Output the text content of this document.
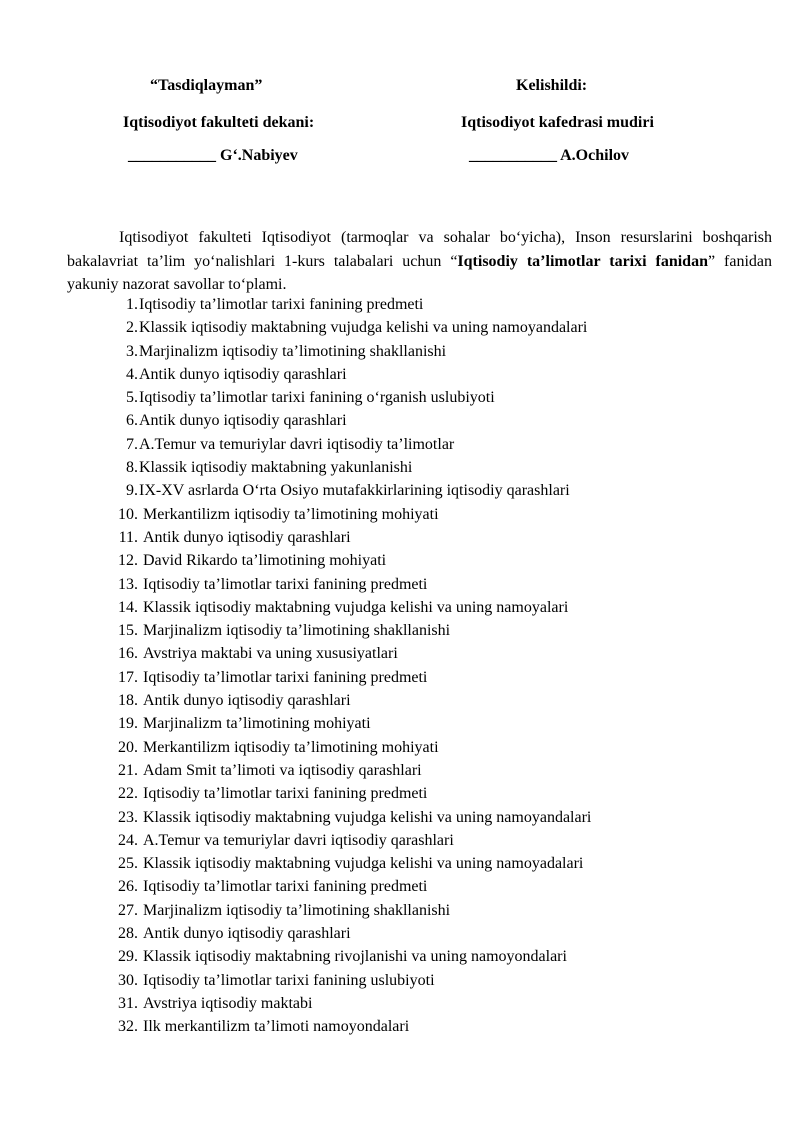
“Tasdiqlayman”
Iqtisodiyot fakulteti dekani:
___________ G‘.Nabiyev
Kelishildi:
Iqtisodiyot kafedrasi mudiri
___________ A.Ochilov

Iqtisodiyot fakulteti Iqtisodiyot (tarmoqlar va sohalar bo‘yicha), Inson resurslarini boshqarish bakalavriat ta’lim yo‘nalishlari 1-kurs talabalari uchun “Iqtisodiy ta’limotlar tarixi fanidan” fanidan yakuniy nazorat savollar to‘plami.

1. Iqtisodiy ta’limotlar tarixi fanining predmeti
2. Klassik iqtisodiy maktabning vujudga kelishi va uning namoyandalari
3. Marjinalizm iqtisodiy ta’limotining shakllanishi
4. Antik dunyo iqtisodiy qarashlari
5. Iqtisodiy ta’limotlar tarixi fanining o‘rganish uslubiyoti
6. Antik dunyo iqtisodiy qarashlari
7. A.Temur va temuriylar davri iqtisodiy ta’limotlar
8. Klassik iqtisodiy maktabning yakunlanishi
9. IX-XV asrlarda O‘rta Osiyo mutafakkirlarining iqtisodiy qarashlari
10. Merkantilizm iqtisodiy ta’limotining mohiyati
11. Antik dunyo iqtisodiy qarashlari
12. David Rikardo ta’limotining mohiyati
13. Iqtisodiy ta’limotlar tarixi fanining predmeti
14. Klassik iqtisodiy maktabning vujudga kelishi va uning namoyalari
15. Marjinalizm iqtisodiy ta’limotining shakllanishi
16. Avstriya maktabi va uning xususiyatlari
17. Iqtisodiy ta’limotlar tarixi fanining predmeti
18. Antik dunyo iqtisodiy qarashlari
19. Marjinalizm ta’limotining mohiyati
20. Merkantilizm iqtisodiy ta’limotining mohiyati
21. Adam Smit ta’limoti va iqtisodiy qarashlari
22. Iqtisodiy ta’limotlar tarixi fanining predmeti
23. Klassik iqtisodiy maktabning vujudga kelishi va uning namoyandalari
24. A.Temur va temuriylar davri iqtisodiy qarashlari
25. Klassik iqtisodiy maktabning vujudga kelishi va uning namoyadalari
26. Iqtisodiy ta’limotlar tarixi fanining predmeti
27. Marjinalizm iqtisodiy ta’limotining shakllanishi
28. Antik dunyo iqtisodiy qarashlari
29. Klassik iqtisodiy maktabning rivojlanishi va uning namoyondalari
30. Iqtisodiy ta’limotlar tarixi fanining uslubiyoti
31. Avstriya iqtisodiy maktabi
32. Ilk merkantilizm ta’limoti namoyondalari
